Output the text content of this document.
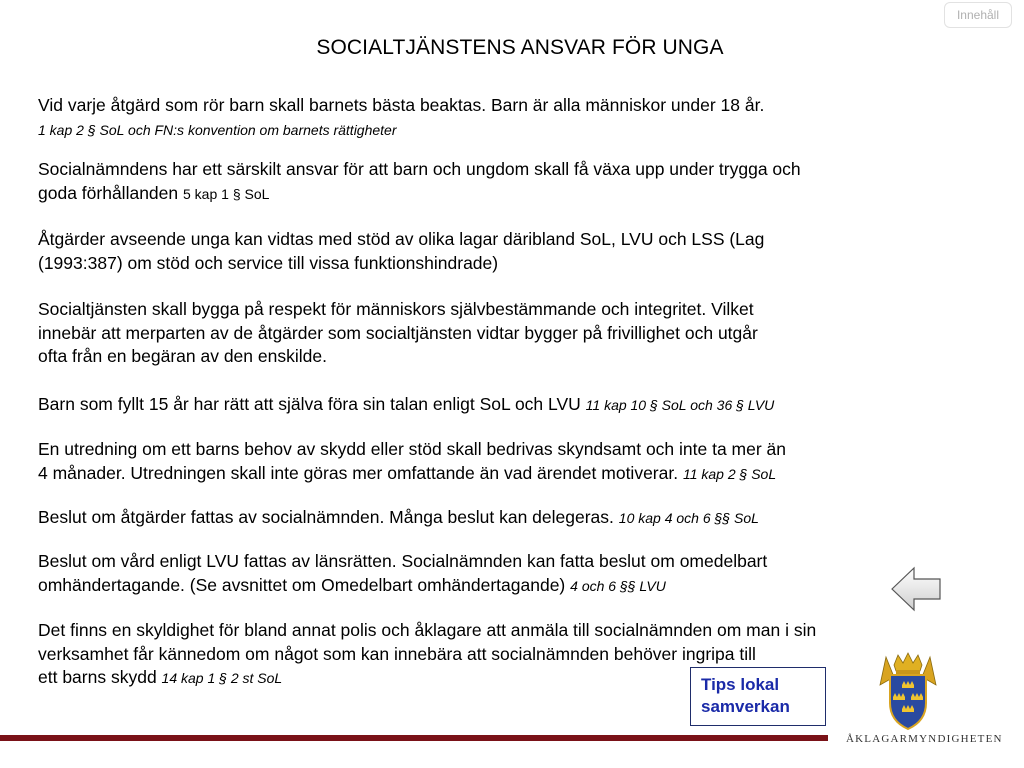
Innehåll
SOCIALTJÄNSTENS ANSVAR FÖR UNGA

Vid varje åtgärd som rör barn skall barnets bästa beaktas. Barn är alla människor under 18 år.
1 kap 2 § SoL och FN:s konvention om barnets rättigheter

Socialnämndens har ett särskilt ansvar för att barn och ungdom skall få växa upp under trygga och
goda förhållanden 5 kap 1 § SoL

Åtgärder avseende unga kan vidtas med stöd av olika lagar däribland SoL, LVU och LSS (Lag
(1993:387) om stöd och service till vissa funktionshindrade)

Socialtjänsten skall bygga på respekt för människors självbestämmande och integritet. Vilket
innebär att merparten av de åtgärder som socialtjänsten vidtar bygger på frivillighet och utgår
ofta från en begäran av den enskilde.

Barn som fyllt 15 år har rätt att själva föra sin talan enligt SoL och LVU 11 kap 10 § SoL och 36 § LVU

En utredning om ett barns behov av skydd eller stöd skall bedrivas skyndsamt och inte ta mer än
4 månader. Utredningen skall inte göras mer omfattande än vad ärendet motiverar. 11 kap 2 § SoL

Beslut om åtgärder fattas av socialnämnden. Många beslut kan delegeras. 10 kap 4 och 6 §§ SoL

Beslut om vård enligt LVU fattas av länsrätten. Socialnämnden kan fatta beslut om omedelbart
omhändertagande. (Se avsnittet om Omedelbart omhändertagande) 4 och 6 §§ LVU

Det finns en skyldighet för bland annat polis och åklagare att anmäla till socialnämnden om man i sin
verksamhet får kännedom om något som kan innebära att socialnämnden behöver ingripa till
ett barns skydd 14 kap 1 § 2 st SoL	Tips lokal
samverkan
ÅKLAGARMYNDIGHETEN
